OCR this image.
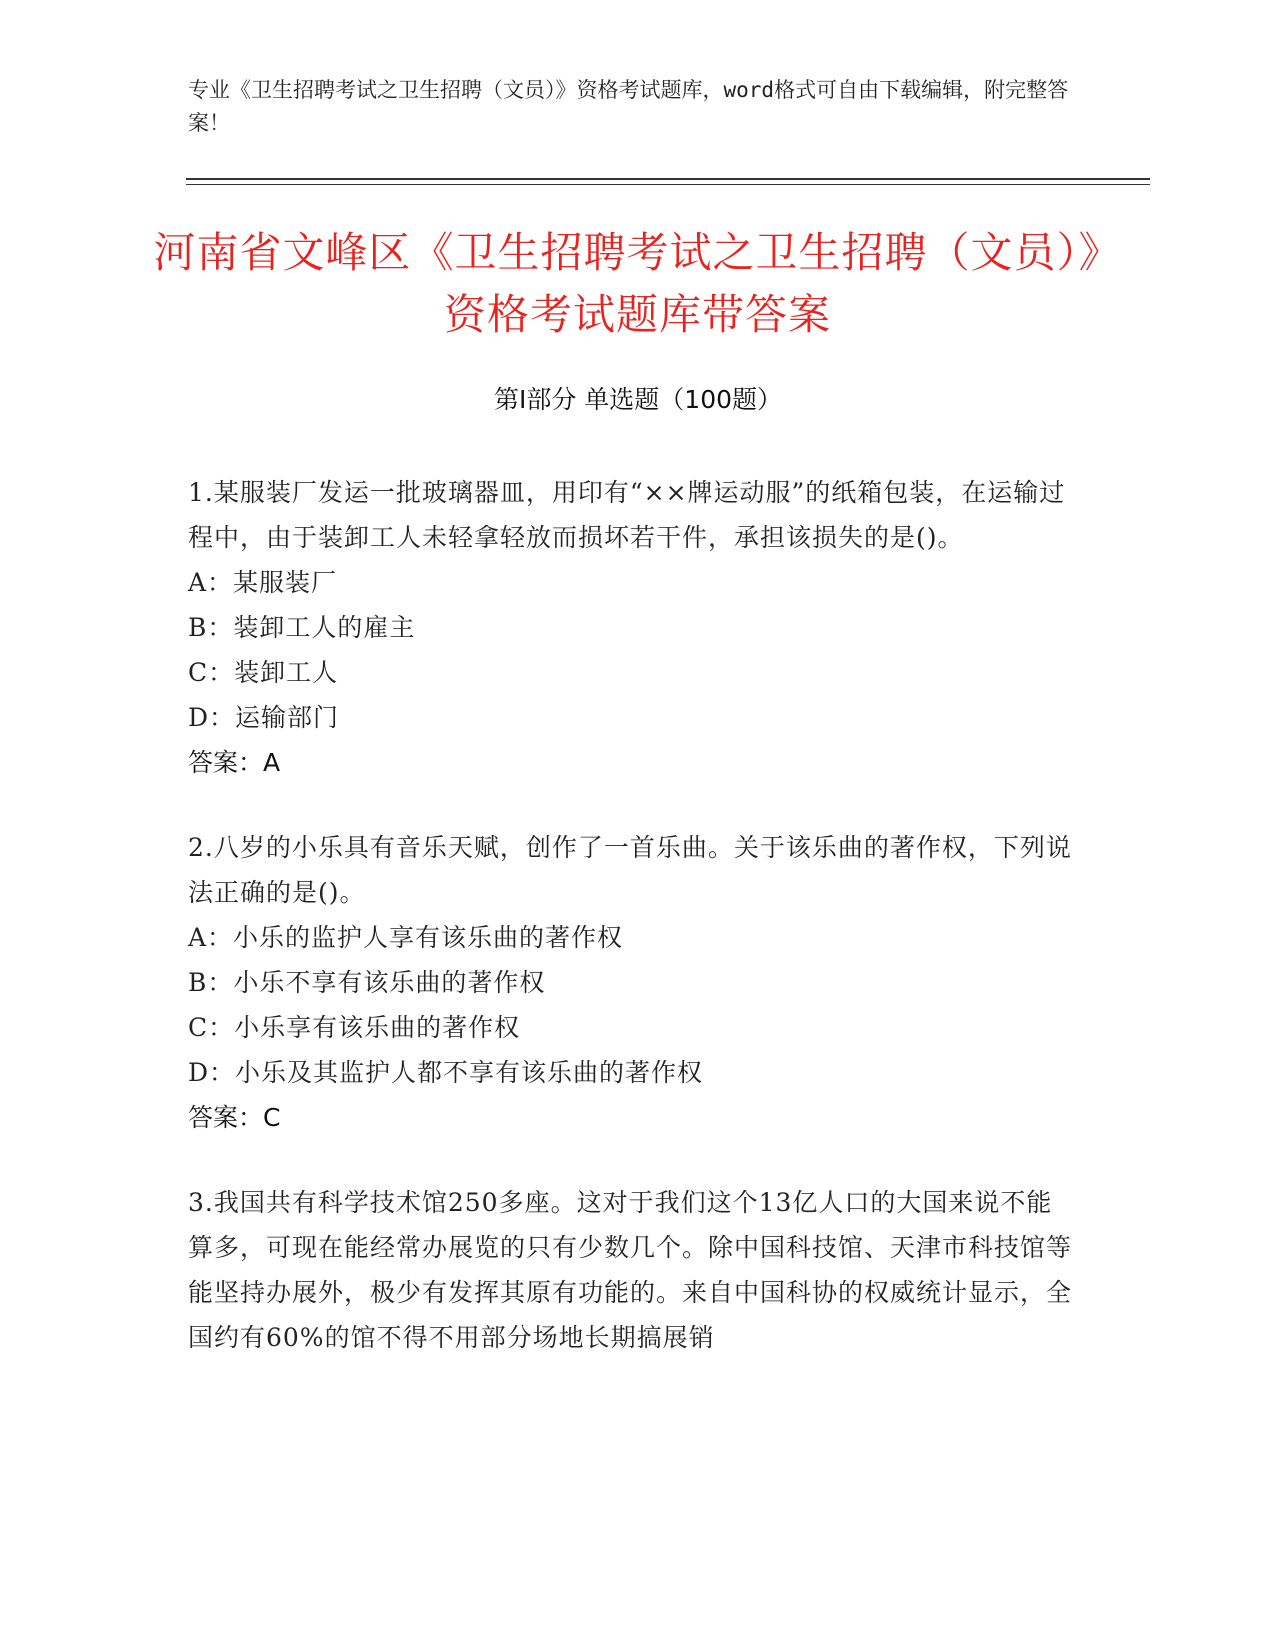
专业《卫生招聘考试之卫生招聘（文员）》资格考试题库，word格式可自由下载编辑，附完整答案！
河南省文峰区《卫生招聘考试之卫生招聘（文员）》资格考试题库带答案
第Ⅰ部分 单选题（100题）

1.某服装厂发运一批玻璃器皿，用印有“××牌运动服”的纸箱包装，在运输过程中，由于装卸工人未轻拿轻放而损坏若干件，承担该损失的是()。

A：某服装厂

B：装卸工人的雇主

C：装卸工人

D：运输部门

答案：A

2.八岁的小乐具有音乐天赋，创作了一首乐曲。关于该乐曲的著作权，下列说法正确的是()。

A：小乐的监护人享有该乐曲的著作权

B：小乐不享有该乐曲的著作权

C：小乐享有该乐曲的著作权

D：小乐及其监护人都不享有该乐曲的著作权

答案：C

3.我国共有科学技术馆250多座。这对于我们这个13亿人口的大国来说不能算多，可现在能经常办展览的只有少数几个。除中国科技馆、天津市科技馆等能坚持办展外，极少有发挥其原有功能的。来自中国科协的权威统计显示，全国约有60%的馆不得不用部分场地长期搞展销
